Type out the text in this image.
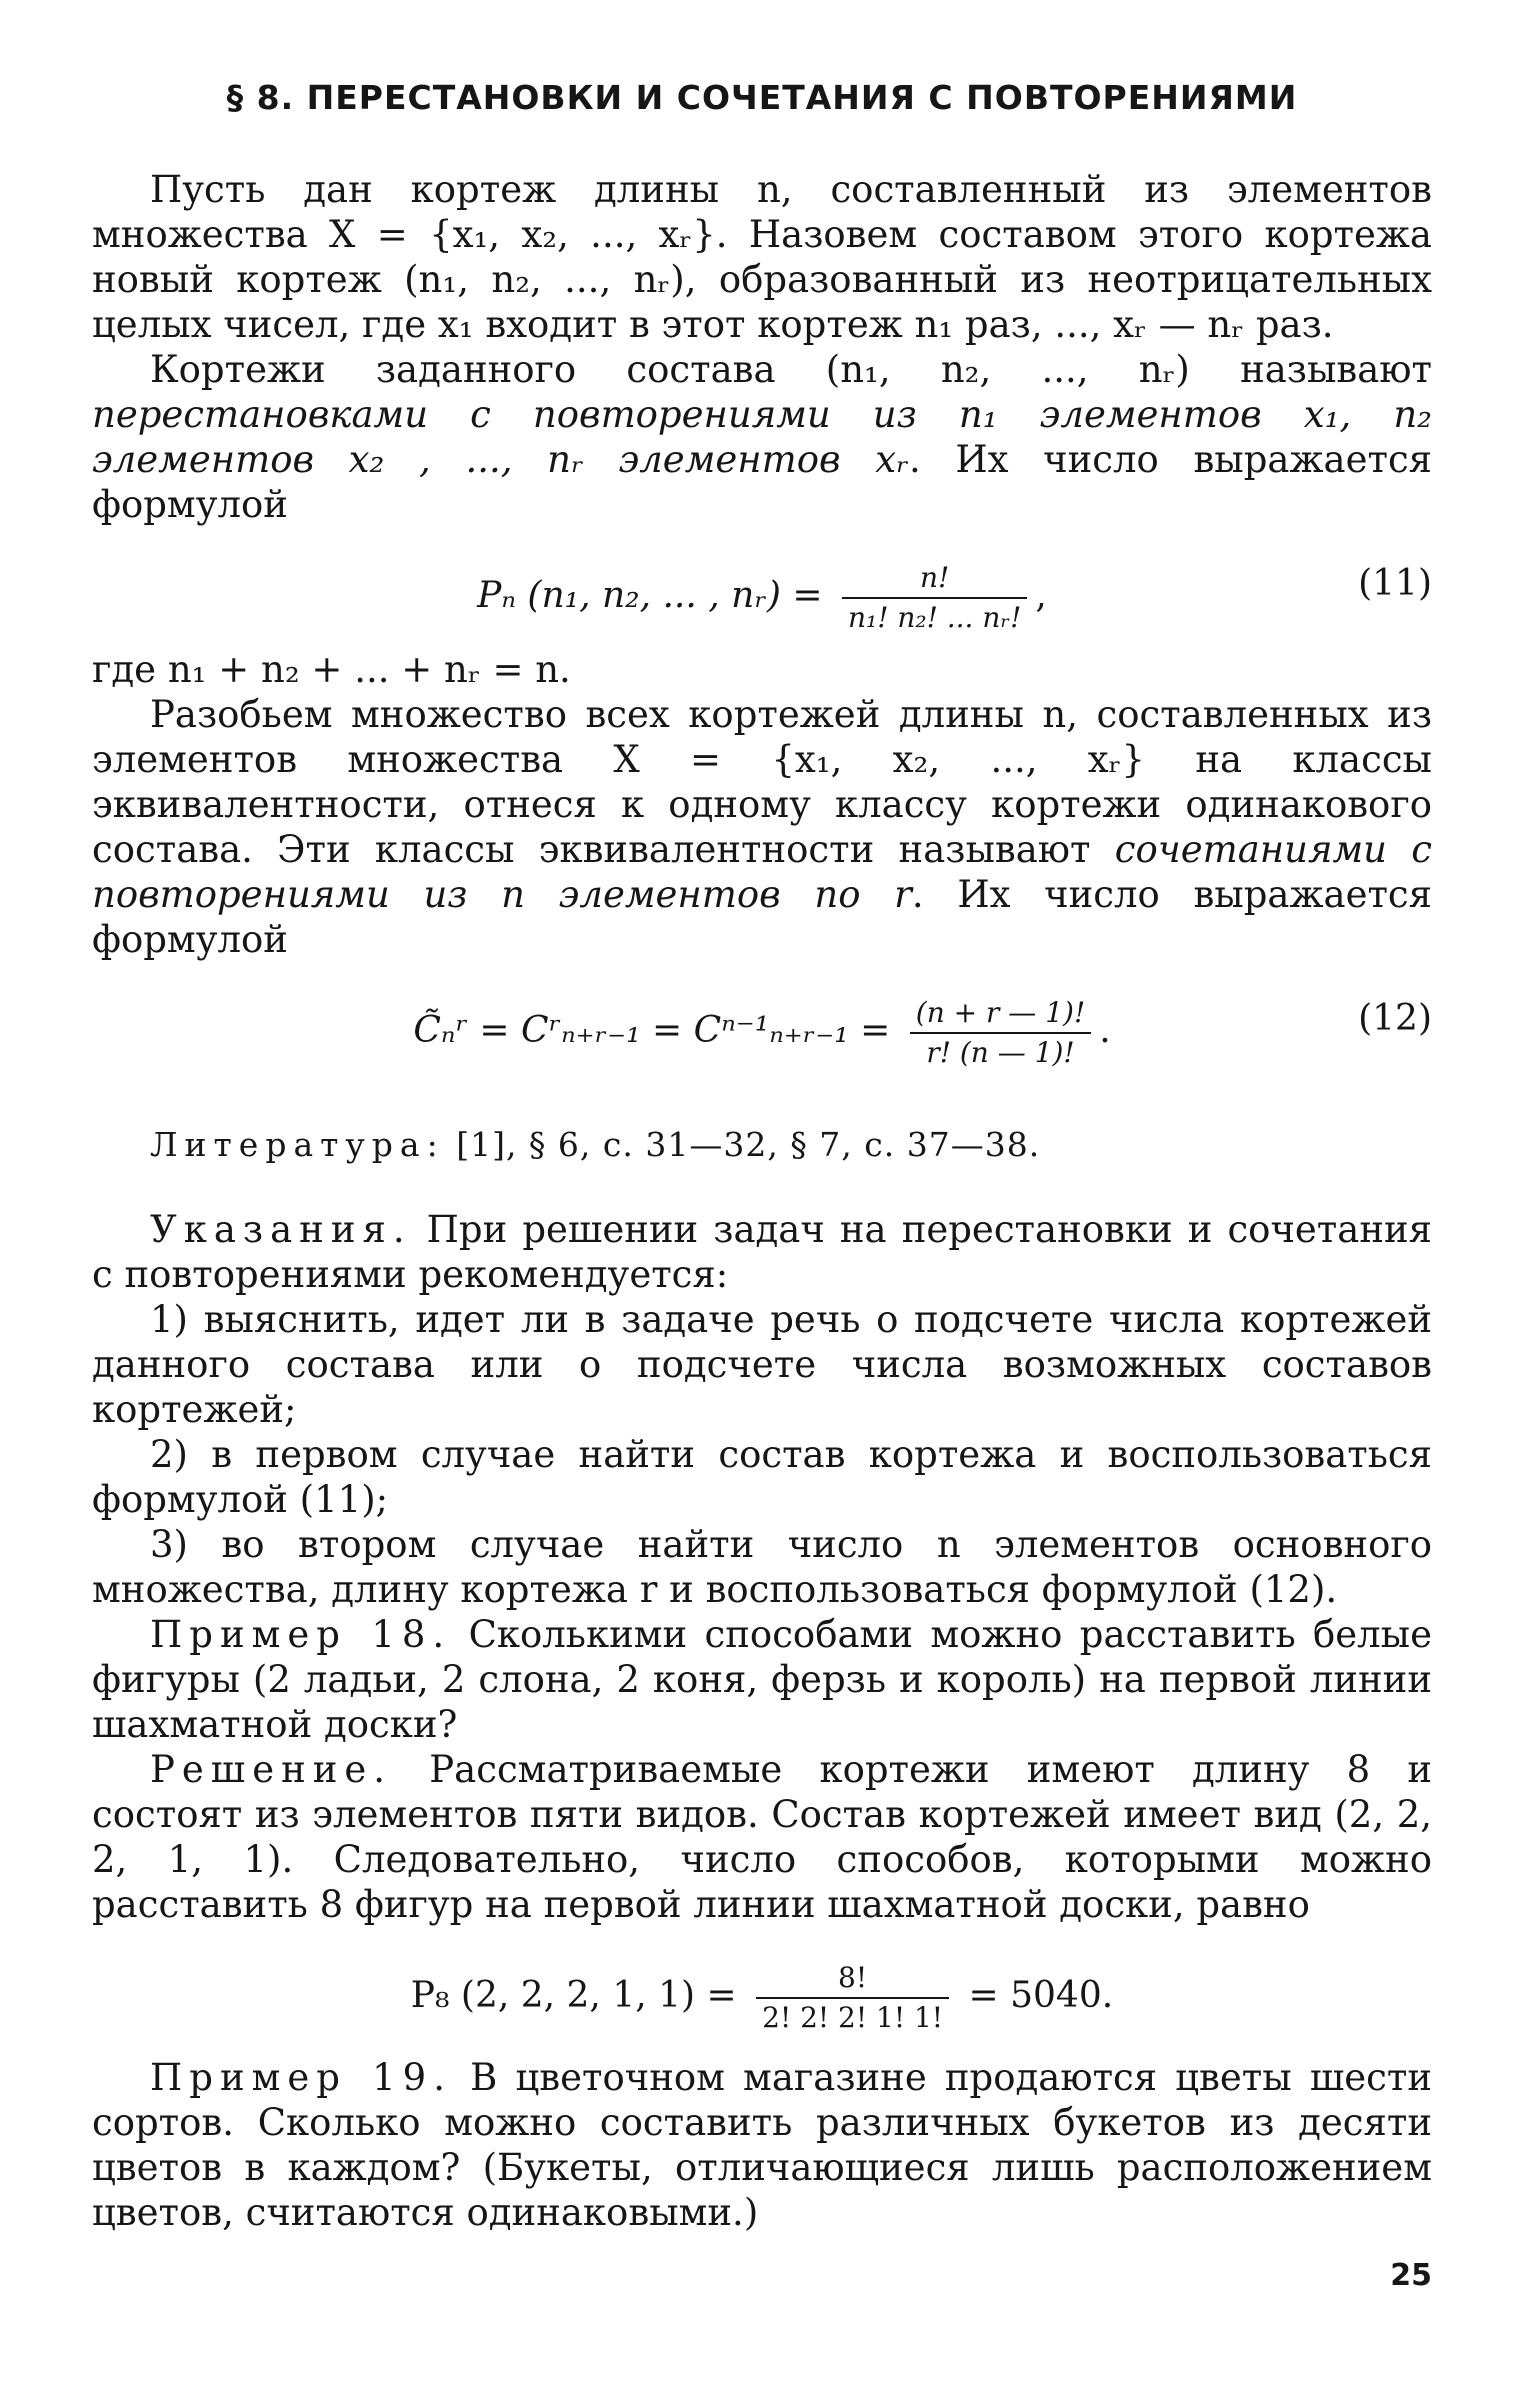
§ 8. ПЕРЕСТАНОВКИ И СОЧЕТАНИЯ С ПОВТОРЕНИЯМИ

Пусть дан кортеж длины n, составленный из элементов множества X = {x₁, x₂, ..., xᵣ}. Назовем составом этого кортежа новый кортеж (n₁, n₂, ..., nᵣ), образованный из неотрицательных целых чисел, где x₁ входит в этот кортеж n₁ раз, ..., xᵣ — nᵣ раз.

Кортежи заданного состава (n₁, n₂, ..., nᵣ) называют перестановками с повторениями из n₁ элементов x₁, n₂ элементов x₂ , ..., nᵣ элементов xᵣ. Их число выражается формулой

Pₙ (n₁, n₂, ... , nᵣ) = $\frac{n!}{\text{n₁! n₂! ... nᵣ!}}$ ,	(11)

где n₁ + n₂ + ... + nᵣ = n.

Разобьем множество всех кортежей длины n, составленных из элементов множества X = {x₁, x₂, ..., xᵣ} на классы эквивалентности, отнеся к одному классу кортежи одинакового состава. Эти классы эквивалентности называют сочетаниями с повторениями из n элементов по r. Их число выражается формулой

C̃ₙʳ = Cʳₙ₊ᵣ₋₁ = Cⁿ⁻¹ₙ₊ᵣ₋₁ = $\frac{(n + r — 1)!}{r! (n — 1)!}$ .	(12)

Литература: [1], § 6, с. 31—32, § 7, с. 37—38.

Указания. При решении задач на перестановки и сочетания с повторениями рекомендуется:

1) выяснить, идет ли в задаче речь о подсчете числа кортежей данного состава или о подсчете числа возможных составов кортежей;

2) в первом случае найти состав кортежа и воспользоваться формулой (11);

3) во втором случае найти число n элементов основного множества, длину кортежа r и воспользоваться формулой (12).

Пример 18. Сколькими способами можно расставить белые фигуры (2 ладьи, 2 слона, 2 коня, ферзь и король) на первой линии шахматной доски?

Решение. Рассматриваемые кортежи имеют длину 8 и состоят из элементов пяти видов. Состав кортежей имеет вид (2, 2, 2, 1, 1). Следовательно, число способов, которыми можно расставить 8 фигур на первой линии шахматной доски, равно

P₈ (2, 2, 2, 1, $1) = \frac{8!}{2! 2! 2! 1! 1!} = 5040$.

Пример 19. В цветочном магазине продаются цветы шести сортов. Сколько можно составить различных букетов из десяти цветов в каждом? (Букеты, отличающиеся лишь расположением цветов, считаются одинаковыми.)

25
